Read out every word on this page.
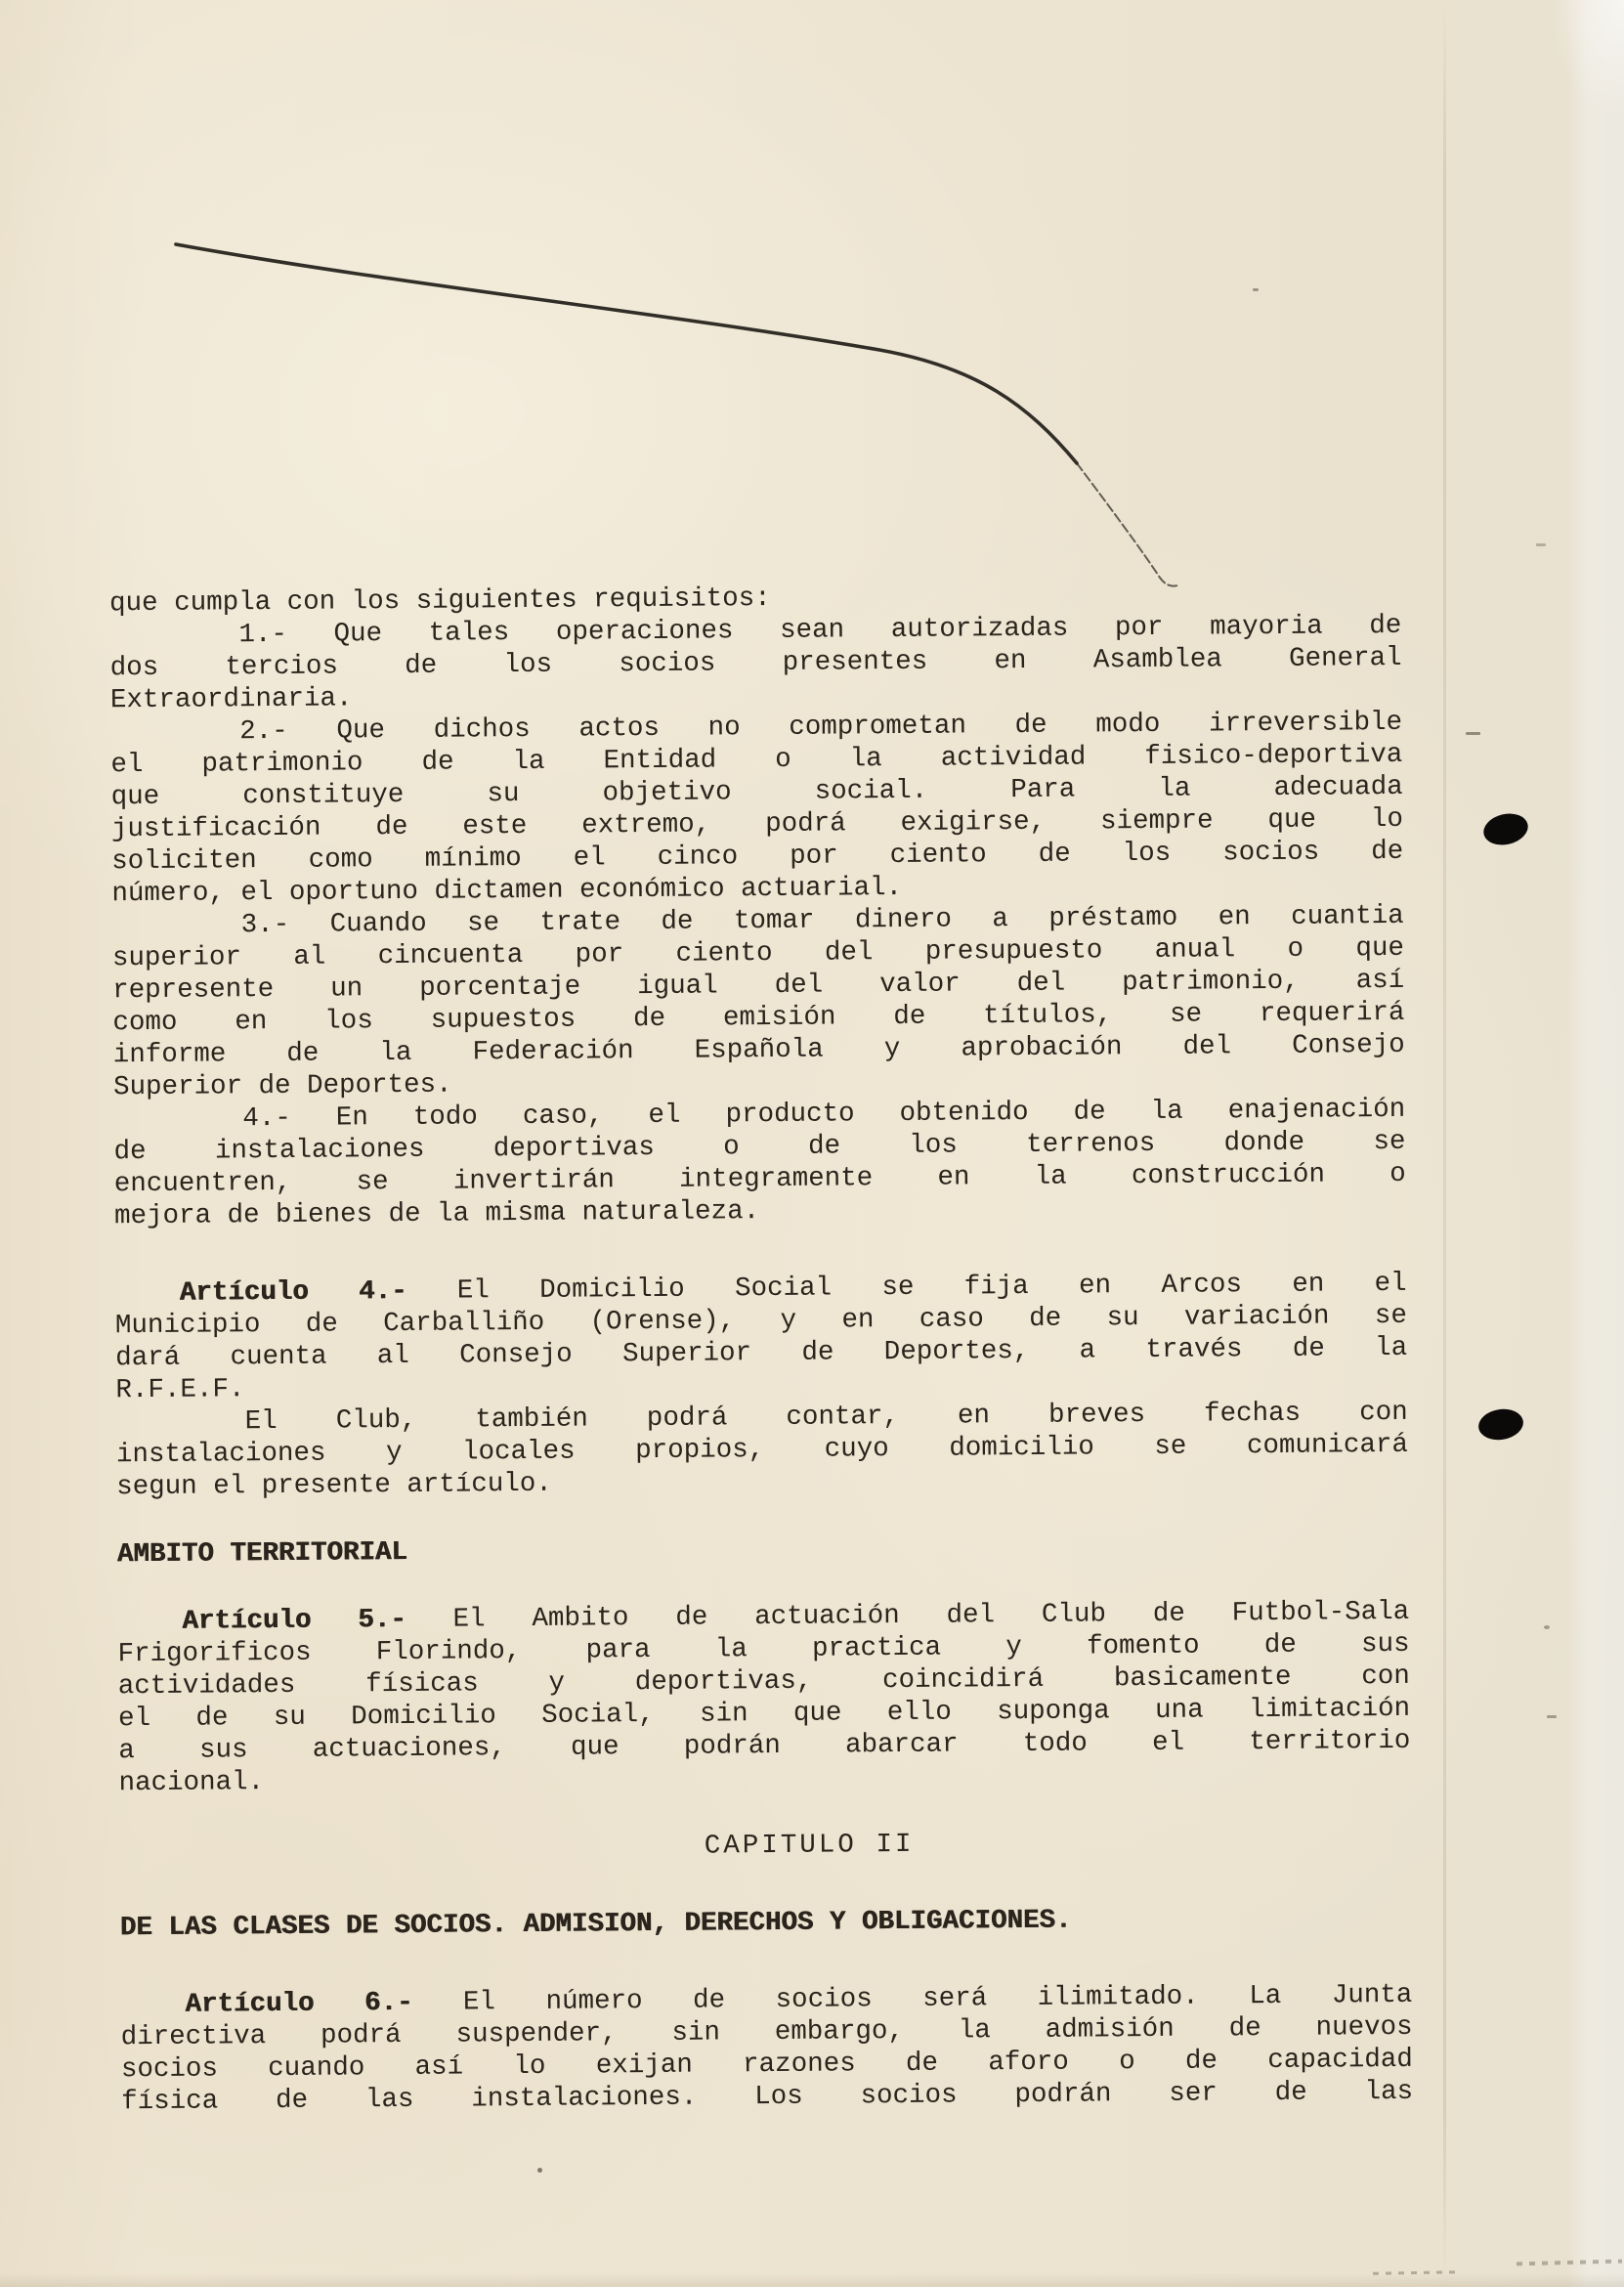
que cumpla con los siguientes requisitos:
1.- Que tales operaciones sean autorizadas por mayoria de
dos tercios de los socios presentes en Asamblea General
Extraordinaria.
2.- Que dichos actos no comprometan de modo irreversible
el patrimonio de la Entidad o la actividad fisico-deportiva
que constituye su objetivo social. Para la adecuada
justificación de este extremo, podrá exigirse, siempre que lo
soliciten como mínimo el cinco por ciento de los socios de
número, el oportuno dictamen económico actuarial.
3.- Cuando se trate de tomar dinero a préstamo en cuantia
superior al cincuenta por ciento del presupuesto anual o que
represente un porcentaje igual del valor del patrimonio, así
como en los supuestos de emisión de títulos, se requerirá
informe de la Federación Española y aprobación del Consejo
Superior de Deportes.
4.- En todo caso, el producto obtenido de la enajenación
de instalaciones deportivas o de los terrenos donde se
encuentren, se invertirán integramente en la construcción o
mejora de bienes de la misma naturaleza.
Artículo 4.- El Domicilio Social se fija en Arcos en el
Municipio de Carballiño (Orense), y en caso de su variación se
dará cuenta al Consejo Superior de Deportes, a través de la
R.F.E.F.
El Club, también podrá contar, en breves fechas con
instalaciones y locales propios, cuyo domicilio se comunicará
segun el presente artículo.
AMBITO TERRITORIAL
Artículo 5.- El Ambito de actuación del Club de Futbol-Sala
Frigorificos Florindo, para la practica y fomento de sus
actividades físicas y deportivas, coincidirá basicamente con
el de su Domicilio Social, sin que ello suponga una limitación
a sus actuaciones, que podrán abarcar todo el territorio
nacional.
CAPITULO II
DE LAS CLASES DE SOCIOS. ADMISION, DERECHOS Y OBLIGACIONES.
Artículo 6.- El número de socios será ilimitado. La Junta
directiva podrá suspender, sin embargo, la admisión de nuevos
socios cuando así lo exijan razones de aforo o de capacidad
física de las instalaciones. Los socios podrán ser de las
